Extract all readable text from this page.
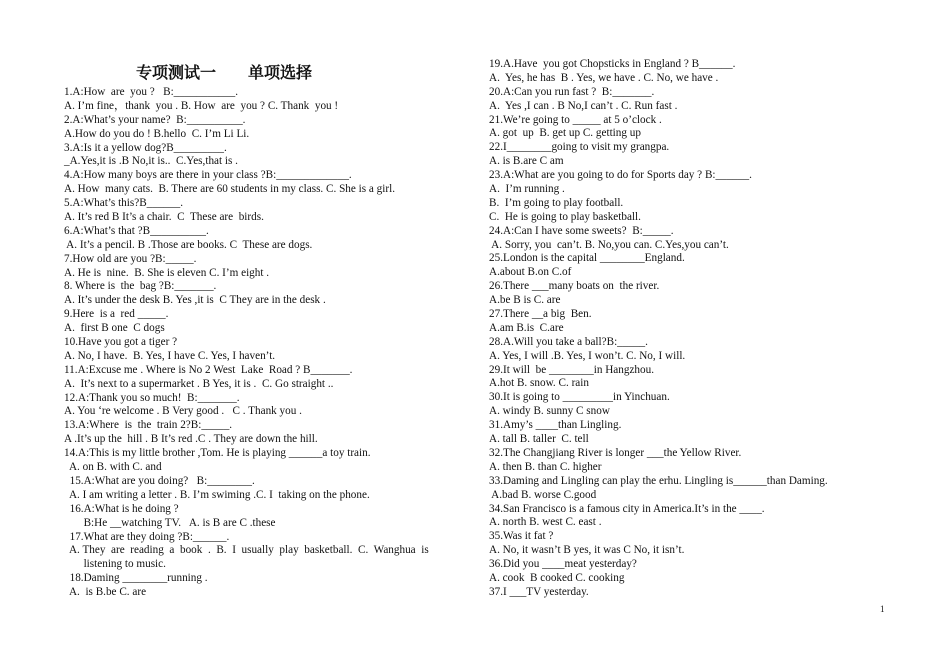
专项测试一　　单项选择
1.A:How  are  you ?   B:___________.
A. I’m fine，thank  you . B. How  are  you ? C. Thank  you !
2.A:What’s your name?  B:__________.
A.How do you do ! B.hello  C. I’m Li Li.
3.A:Is it a yellow dog?B_________.
_A.Yes,it is .B No,it is..  C.Yes,that is .
4.A:How many boys are there in your class ?B:_____________.
A. How  many cats.  B. There are 60 students in my class. C. She is a girl.
5.A:What’s this?B______.
A. It’s red B It’s a chair.  C  These are  birds.
6.A:What’s that ?B__________.
A. It’s a pencil. B .Those are books. C  These are dogs.
7.How old are you ?B:_____.
A. He is  nine.  B. She is eleven C. I’m eight .
8. Where is  the  bag ?B:_______.
A. It’s under the desk B. Yes ,it is  C They are in the desk .
9.Here  is a  red _____.
A.  first B one  C dogs
10.Have you got a tiger ?
A. No, I have.  B. Yes, I have C. Yes, I haven’t.
11.A:Excuse me . Where is No 2 West  Lake  Road ? B_______.
A.  It’s next to a supermarket . B Yes, it is .  C. Go straight ..
12.A:Thank you so much!  B:_______.
A. You ‘re welcome . B Very good .   C . Thank you .
13.A:Where  is  the  train 2?B:_____.
A .It’s up the  hill . B It’s red .C . They are down the hill.
14.A:This is my little brother ,Tom. He is playing ______a toy train.
A. on B. with C. and
15.A:What are you doing?   B:________.
A. I am writing a letter . B. I’m swiming .C. I  taking on the phone.
16.A:What is he doing ?
B:He __watching TV.   A. is B are C .these
17.What are they doing ?B:______.
A. They  are  reading  a  book  .  B.  I  usually  play  basketball.  C.  Wanghua  is
listening to music.
18.Daming ________running .
A.  is B.be C. are
19.A.Have  you got Chopsticks in England ? B______.
A.  Yes, he has  B . Yes, we have . C. No, we have .
20.A:Can you run fast ?  B:_______.
A.  Yes ,I can . B No,I can’t . C. Run fast .
21.We’re going to _____ at 5 o’clock .
A. got  up  B. get up C. getting up
22.I________going to visit my grangpa.
A. is B.are C am
23.A:What are you going to do for Sports day ? B:______.
A.  I’m running .
B.  I’m going to play football.
C.  He is going to play basketball.
24.A:Can I have some sweets?  B:_____.
A. Sorry, you  can’t. B. No,you can. C.Yes,you can’t.
25.London is the capital ________England.
A.about B.on C.of
26.There ___many boats on  the river.
A.be B is C. are
27.There __a big  Ben.
A.am B.is  C.are
28.A.Will you take a ball?B:_____.
A. Yes, I will .B. Yes, I won’t. C. No, I will.
29.It will  be ________in Hangzhou.
A.hot B. snow. C. rain
30.It is going to _________in Yinchuan.
A. windy B. sunny C snow
31.Amy’s ____than Lingling.
A. tall B. taller  C. tell
32.The Changjiang River is longer ___the Yellow River.
A. then B. than C. higher
33.Daming and Lingling can play the erhu. Lingling is______than Daming.
A.bad B. worse C.good
34.San Francisco is a famous city in America.It’s in the ____.
A. north B. west C. east .
35.Was it fat ?
A. No, it wasn’t B yes, it was C No, it isn’t.
36.Did you ____meat yesterday?
A. cook  B cooked C. cooking
37.I ___TV yesterday.
1
